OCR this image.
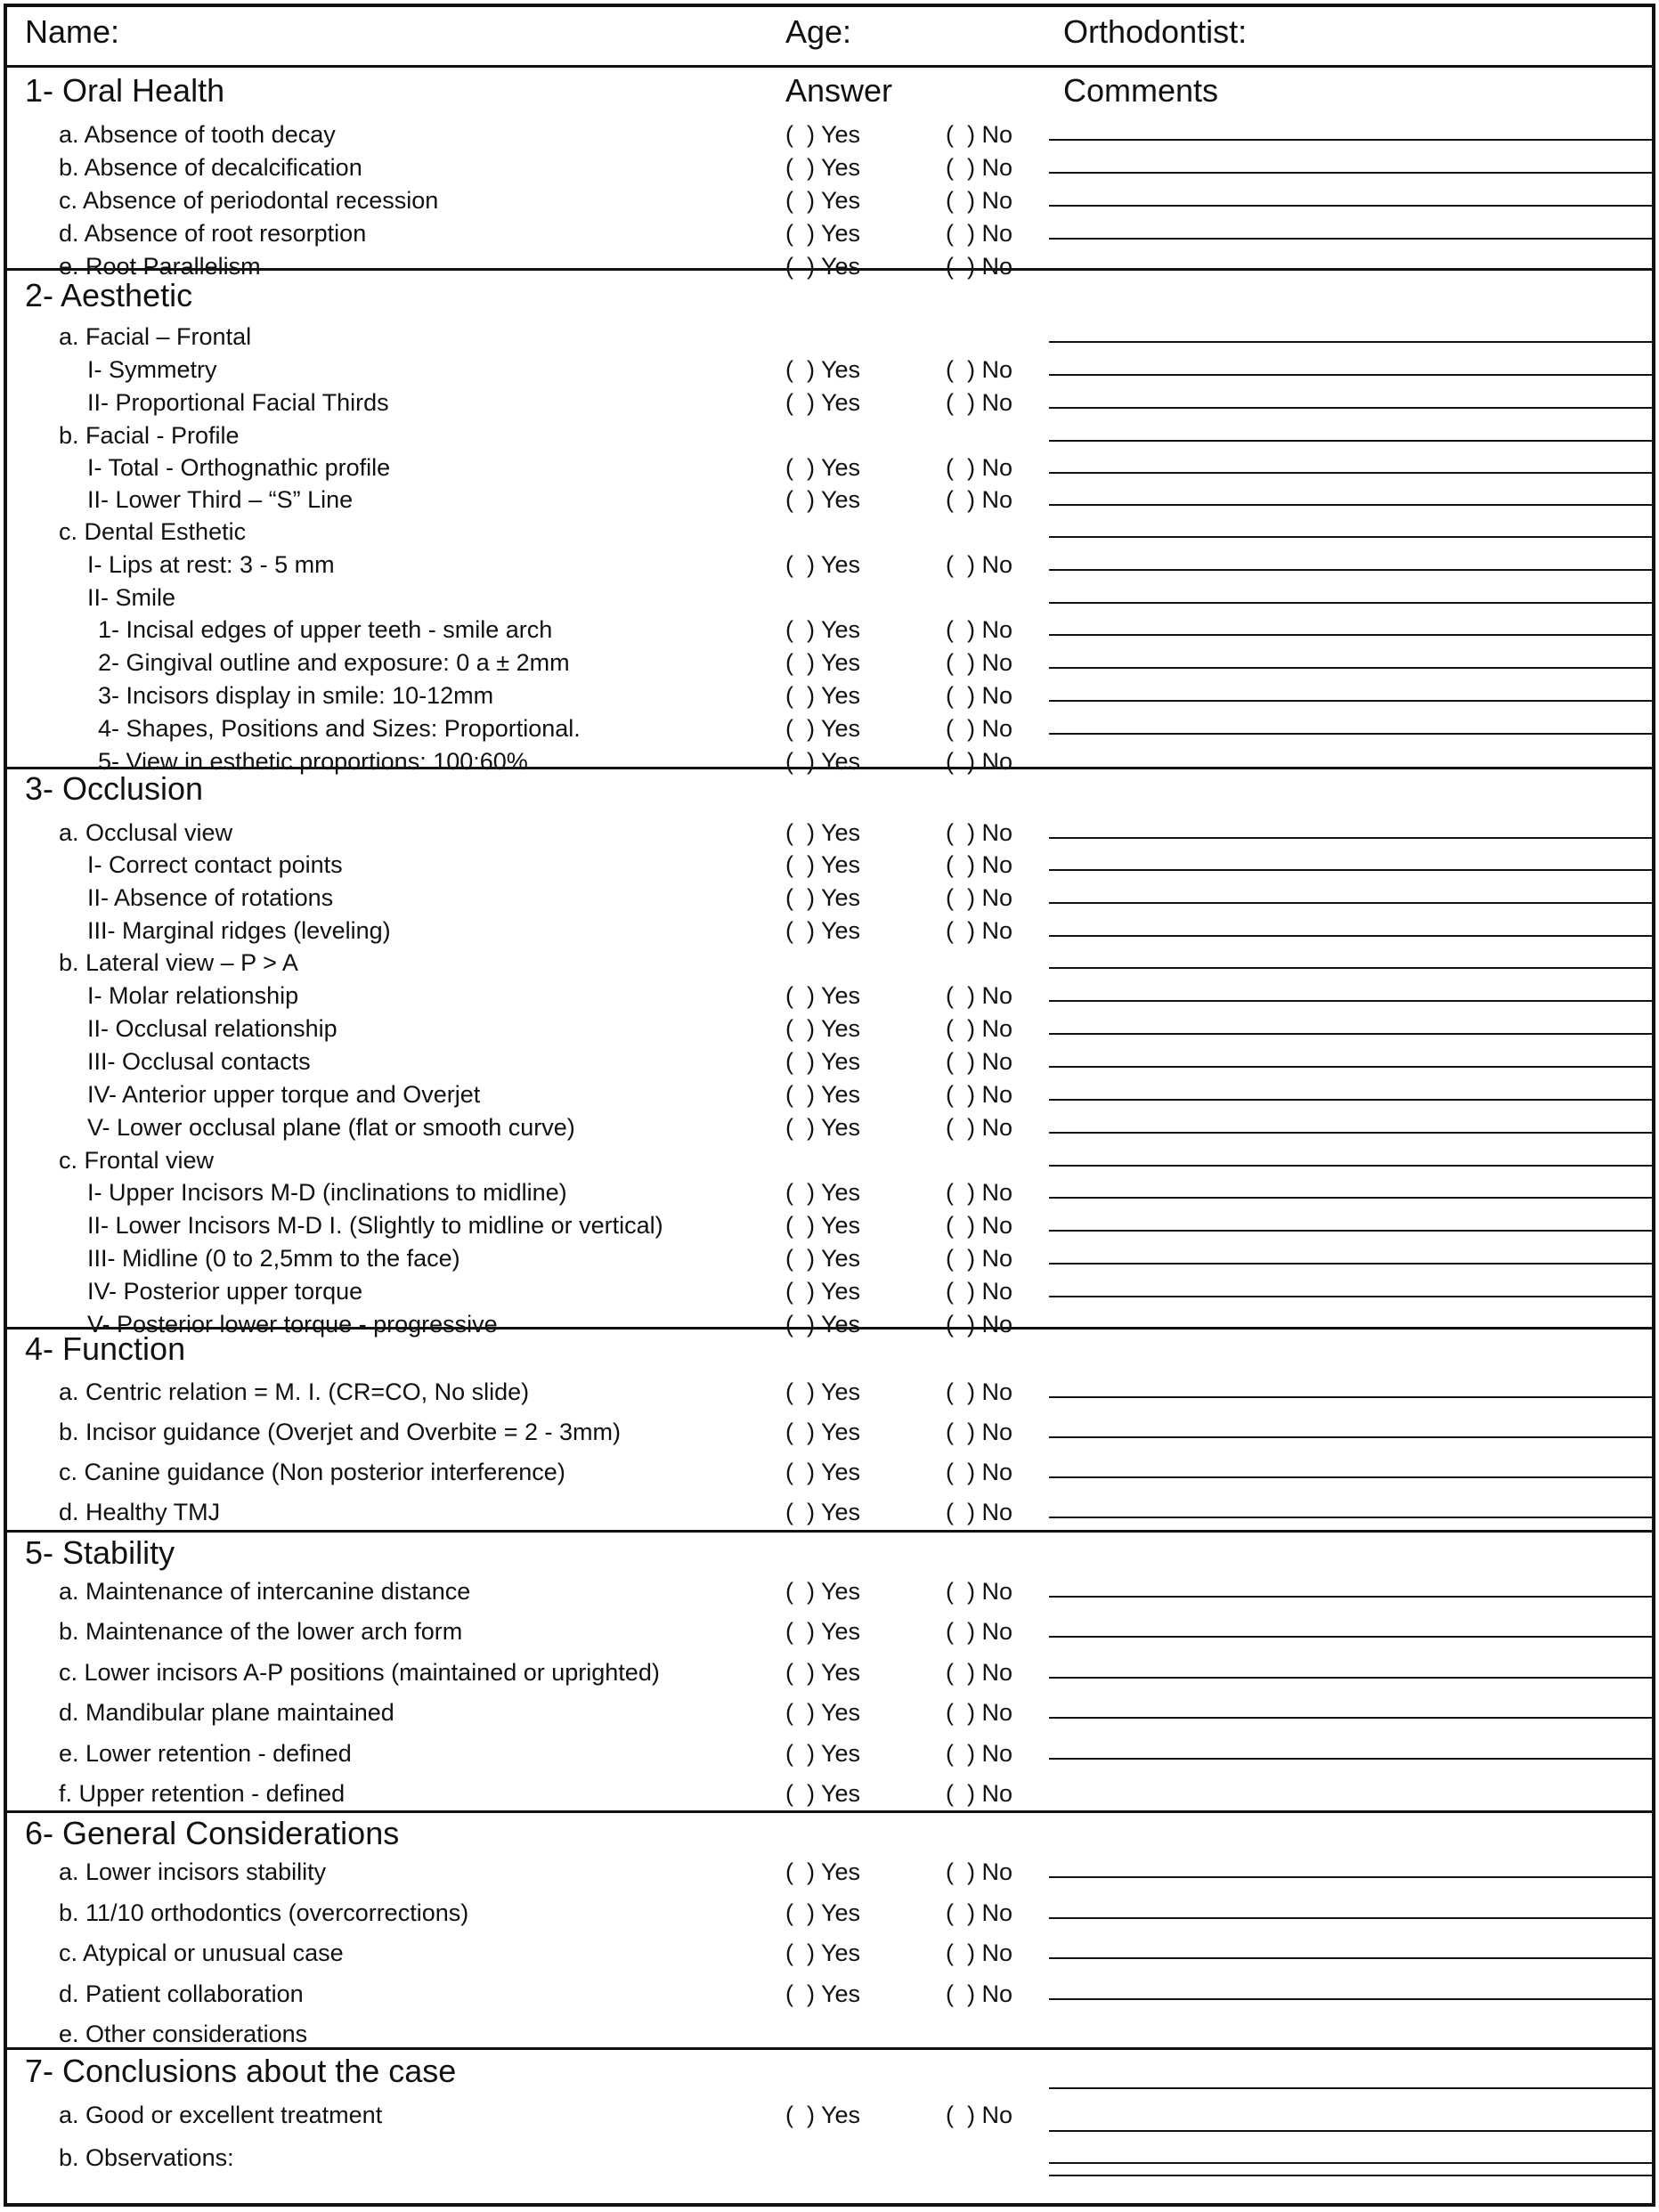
Name:	Age:	Orthodontist:
Answer	Comments
1- Oral Health
a. Absence of tooth decay	(  ) Yes	(  ) No
b. Absence of decalcification	(  ) Yes	(  ) No
c. Absence of periodontal recession	(  ) Yes	(  ) No
d. Absence of root resorption	(  ) Yes	(  ) No
e. Root Parallelism	(  ) Yes	(  ) No
2- Aesthetic
a. Facial – Frontal
I- Symmetry	(  ) Yes	(  ) No
II- Proportional Facial Thirds	(  ) Yes	(  ) No
b. Facial - Profile
I- Total - Orthognathic profile	(  ) Yes	(  ) No
II- Lower Third – “S” Line	(  ) Yes	(  ) No
c. Dental Esthetic
I- Lips at rest: 3 - 5 mm	(  ) Yes	(  ) No
II- Smile
1- Incisal edges of upper teeth - smile arch	(  ) Yes	(  ) No
2- Gingival outline and exposure: 0 a ± 2mm	(  ) Yes	(  ) No
3- Incisors display in smile: 10-12mm	(  ) Yes	(  ) No
4- Shapes, Positions and Sizes: Proportional.	(  ) Yes	(  ) No
5- View in esthetic proportions: 100:60%.	(  ) Yes	(  ) No
3- Occlusion
a. Occlusal view	(  ) Yes	(  ) No
I- Correct contact points	(  ) Yes	(  ) No
II- Absence of rotations	(  ) Yes	(  ) No
III- Marginal ridges (leveling)	(  ) Yes	(  ) No
b. Lateral view – P > A
I- Molar relationship	(  ) Yes	(  ) No
II- Occlusal relationship	(  ) Yes	(  ) No
III- Occlusal contacts	(  ) Yes	(  ) No
IV- Anterior upper torque and Overjet	(  ) Yes	(  ) No
V- Lower occlusal plane (flat or smooth curve)	(  ) Yes	(  ) No
c. Frontal view
I- Upper Incisors M-D (inclinations to midline)	(  ) Yes	(  ) No
II- Lower Incisors M-D I. (Slightly to midline or vertical)	(  ) Yes	(  ) No
III- Midline (0 to 2,5mm to the face)	(  ) Yes	(  ) No
IV- Posterior upper torque	(  ) Yes	(  ) No
V- Posterior lower torque - progressive	(  ) Yes	(  ) No
4- Function
a. Centric relation = M. I. (CR=CO, No slide)	(  ) Yes	(  ) No
b. Incisor guidance (Overjet and Overbite = 2 - 3mm)	(  ) Yes	(  ) No
c. Canine guidance (Non posterior interference)	(  ) Yes	(  ) No
d. Healthy TMJ	(  ) Yes	(  ) No
5- Stability
a. Maintenance of intercanine distance	(  ) Yes	(  ) No
b. Maintenance of the lower arch form	(  ) Yes	(  ) No
c. Lower incisors A-P positions (maintained or uprighted)	(  ) Yes	(  ) No
d. Mandibular plane maintained	(  ) Yes	(  ) No
e. Lower retention - defined	(  ) Yes	(  ) No
f. Upper retention - defined	(  ) Yes	(  ) No
6- General Considerations
a. Lower incisors stability	(  ) Yes	(  ) No
b. 11/10 orthodontics (overcorrections)	(  ) Yes	(  ) No
c. Atypical or unusual case	(  ) Yes	(  ) No
d. Patient collaboration	(  ) Yes	(  ) No
e. Other considerations
7- Conclusions about the case
a. Good or excellent treatment	(  ) Yes	(  ) No
b. Observations:
